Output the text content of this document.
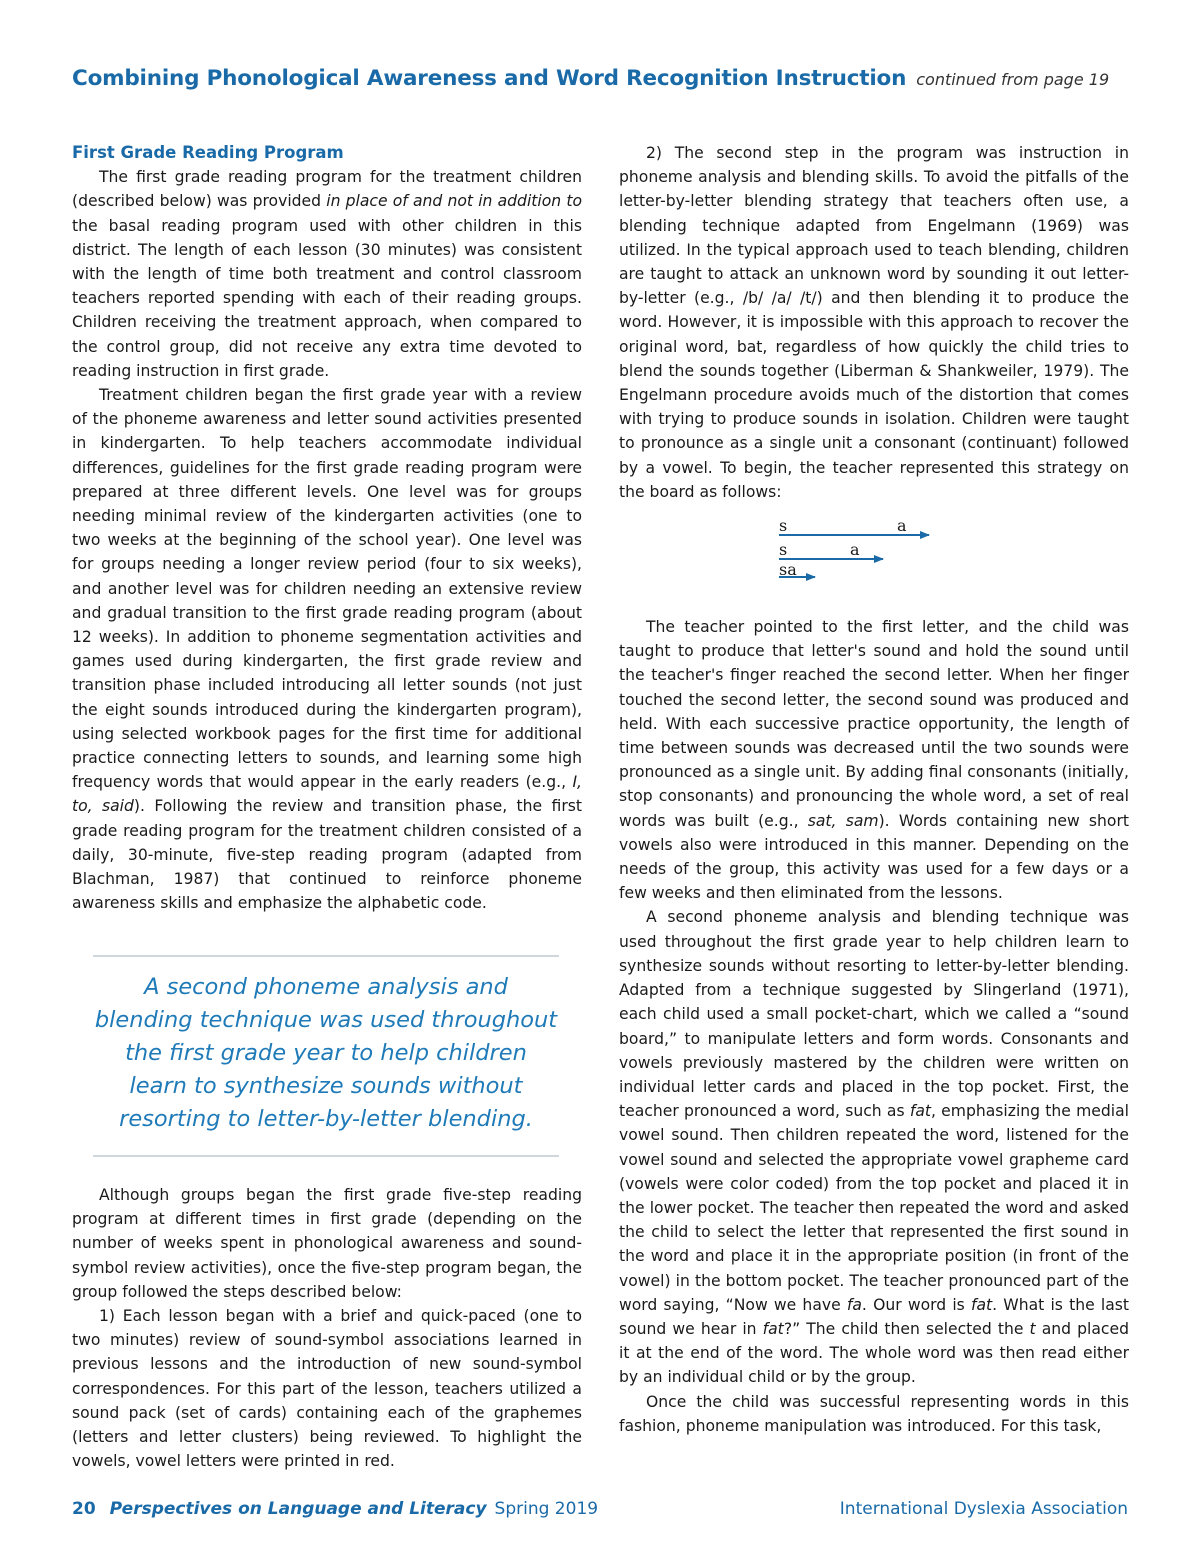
Combining Phonological Awareness and Word Recognition Instruction continued from page 19
First Grade Reading Program

The first grade reading program for the treatment children (described below) was provided in place of and not in addition to the basal reading program used with other children in this district. The length of each lesson (30 minutes) was consistent with the length of time both treatment and control classroom teachers reported spending with each of their reading groups. Children receiving the treatment approach, when compared to the control group, did not receive any extra time devoted to reading instruction in first grade.

Treatment children began the first grade year with a review of the phoneme awareness and letter sound activities presented in kindergarten. To help teachers accommodate individual differences, guidelines for the first grade reading program were prepared at three different levels. One level was for groups needing minimal review of the kindergarten activities (one to two weeks at the beginning of the school year). One level was for groups needing a longer review period (four to six weeks), and another level was for children needing an extensive review and gradual transition to the first grade reading program (about 12 weeks). In addition to phoneme segmentation activities and games used during kindergarten, the first grade review and transition phase included introducing all letter sounds (not just the eight sounds introduced during the kindergarten program), using selected workbook pages for the first time for additional practice connecting letters to sounds, and learning some high frequency words that would appear in the early readers (e.g., I, to, said). Following the review and transition phase, the first grade reading program for the treatment children consisted of a daily, 30-minute, five-step reading program (adapted from Blachman, 1987) that continued to reinforce phoneme awareness skills and emphasize the alphabetic code.

A second phoneme analysis and blending technique was used throughout the first grade year to help children learn to synthesize sounds without resorting to letter-by-letter blending.

Although groups began the first grade five-step reading program at different times in first grade (depending on the number of weeks spent in phonological awareness and sound-symbol review activities), once the five-step program began, the group followed the steps described below:

1) Each lesson began with a brief and quick-paced (one to two minutes) review of sound-symbol associations learned in previous lessons and the introduction of new sound-symbol correspondences. For this part of the lesson, teachers utilized a sound pack (set of cards) containing each of the graphemes (letters and letter clusters) being reviewed. To highlight the vowels, vowel letters were printed in red.

2) The second step in the program was instruction in phoneme analysis and blending skills. To avoid the pitfalls of the letter-by-letter blending strategy that teachers often use, a blending technique adapted from Engelmann (1969) was utilized. In the typical approach used to teach blending, children are taught to attack an unknown word by sounding it out letter-by-letter (e.g., /b/ /a/ /t/) and then blending it to produce the word. However, it is impossible with this approach to recover the original word, bat, regardless of how quickly the child tries to blend the sounds together (Liberman & Shankweiler, 1979). The Engelmann procedure avoids much of the distortion that comes with trying to produce sounds in isolation. Children were taught to pronounce as a single unit a consonant (continuant) followed by a vowel. To begin, the teacher represented this strategy on the board as follows:

The teacher pointed to the first letter, and the child was taught to produce that letter's sound and hold the sound until the teacher's finger reached the second letter. When her finger touched the second letter, the second sound was produced and held. With each successive practice opportunity, the length of time between sounds was decreased until the two sounds were pronounced as a single unit. By adding final consonants (initially, stop consonants) and pronouncing the whole word, a set of real words was built (e.g., sat, sam). Words containing new short vowels also were introduced in this manner. Depending on the needs of the group, this activity was used for a few days or a few weeks and then eliminated from the lessons.

A second phoneme analysis and blending technique was used throughout the first grade year to help children learn to synthesize sounds without resorting to letter-by-letter blending. Adapted from a technique suggested by Slingerland (1971), each child used a small pocket-chart, which we called a “sound board,” to manipulate letters and form words. Consonants and vowels previously mastered by the children were written on individual letter cards and placed in the top pocket. First, the teacher pronounced a word, such as fat, emphasizing the medial vowel sound. Then children repeated the word, listened for the vowel sound and selected the appropriate vowel grapheme card (vowels were color coded) from the top pocket and placed it in the lower pocket. The teacher then repeated the word and asked the child to select the letter that represented the first sound in the word and place it in the appropriate position (in front of the vowel) in the bottom pocket. The teacher pronounced part of the word saying, “Now we have fa. Our word is fat. What is the last sound we hear in fat?” The child then selected the t and placed it at the end of the word. The whole word was then read either by an individual child or by the group.

Once the child was successful representing words in this fashion, phoneme manipulation was introduced. For this task,

s	a
s	a
sa
20 Perspectives on Language and Literacy Spring 2019	International Dyslexia Association
